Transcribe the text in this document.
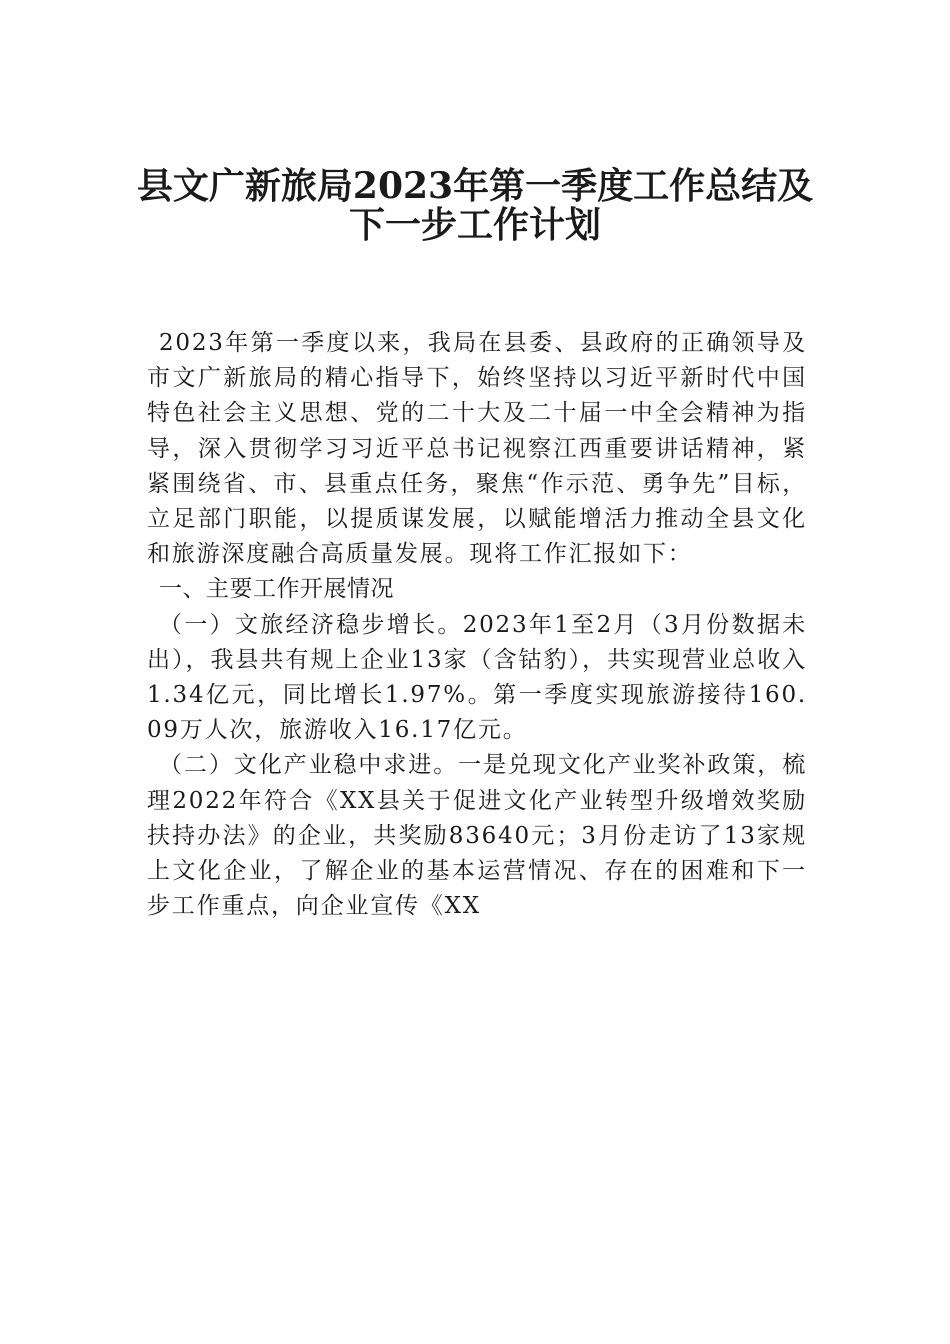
县文广新旅局2023年第一季度工作总结及
下一步工作计划

2023年第一季度以来，我局在县委、县政府的正确领导及市文广新旅局的精心指导下，始终坚持以习近平新时代中国特色社会主义思想、党的二十大及二十届一中全会精神为指导，深入贯彻学习习近平总书记视察江西重要讲话精神，紧紧围绕省、市、县重点任务，聚焦“作示范、勇争先”目标，立足部门职能，以提质谋发展，以赋能增活力推动全县文化和旅游深度融合高质量发展。现将工作汇报如下：

一、主要工作开展情况

（一）文旅经济稳步增长。2023年1至2月（3月份数据未出），我县共有规上企业13家（含钴豹），共实现营业总收入1.34亿元，同比增长1.97%。第一季度实现旅游接待160.09万人次，旅游收入16.17亿元。

（二）文化产业稳中求进。一是兑现文化产业奖补政策，梳理2022年符合《XX县关于促进文化产业转型升级增效奖励扶持办法》的企业，共奖励83640元；3月份走访了13家规上文化企业，了解企业的基本运营情况、存在的困难和下一步工作重点，向企业宣传《XX
